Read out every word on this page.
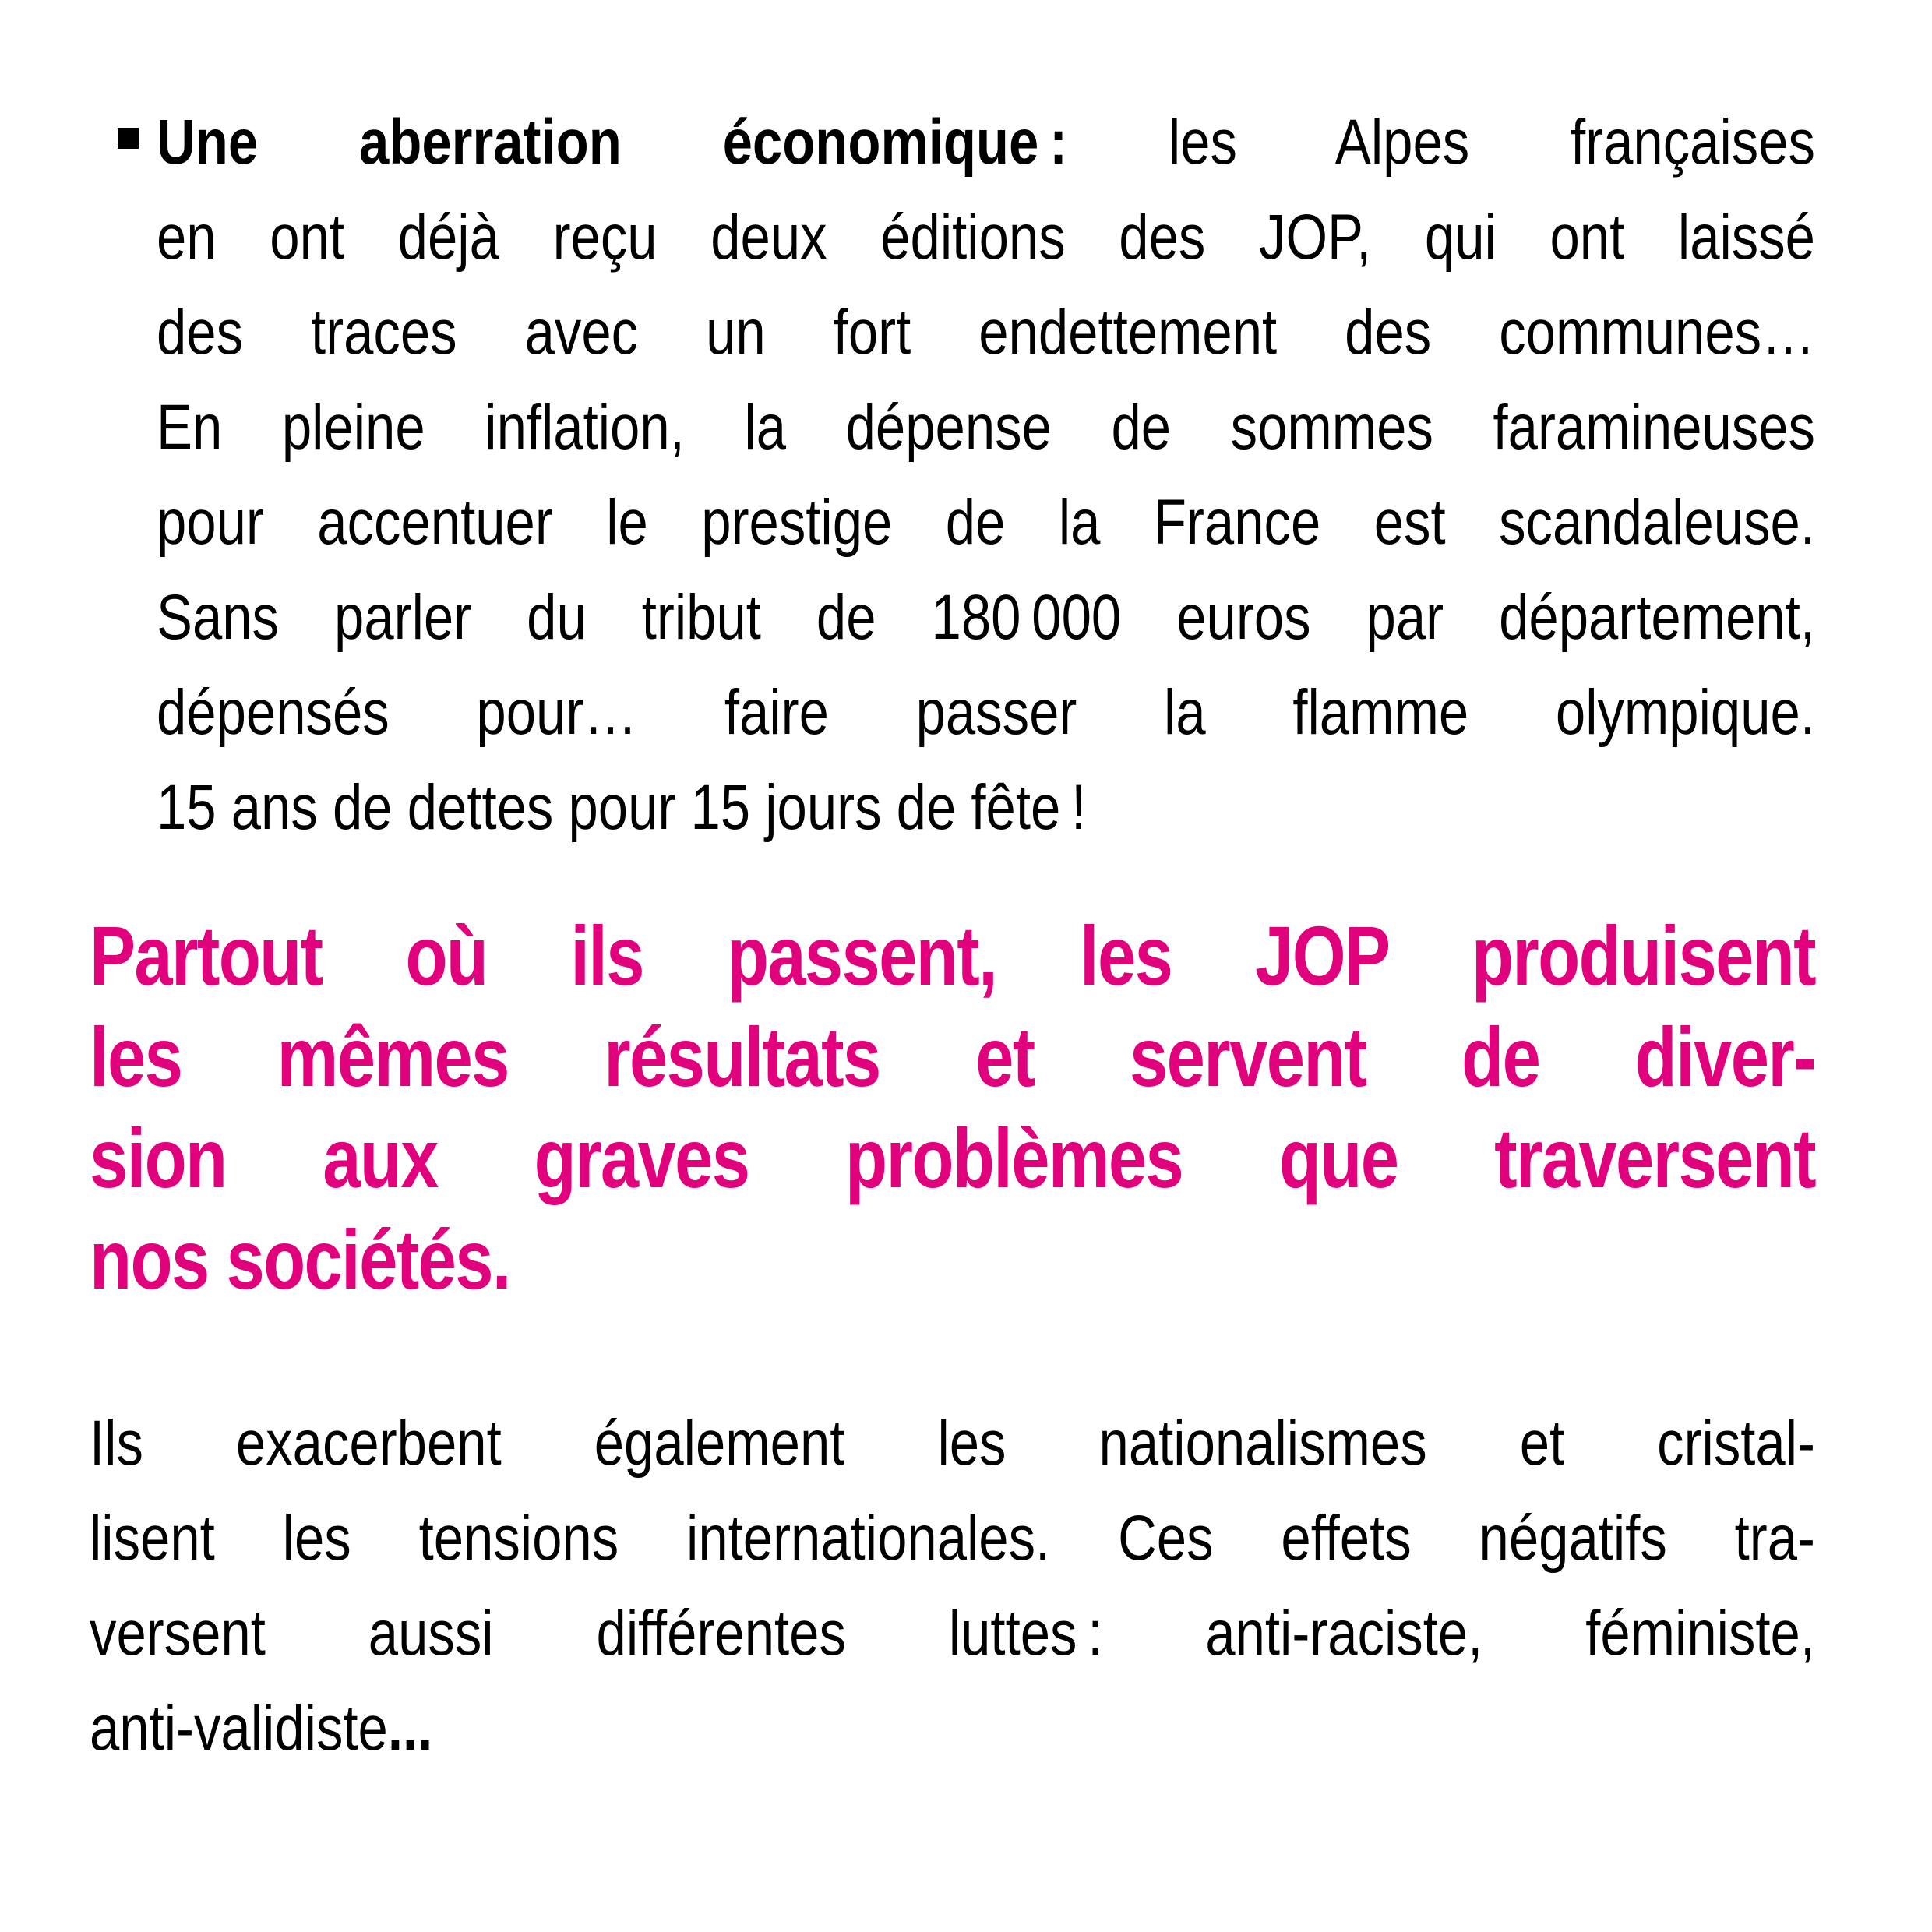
Une aberration économique : les Alpes françaises
en ont déjà reçu deux éditions des JOP, qui ont laissé
des traces avec un fort endettement des communes…
En pleine inflation, la dépense de sommes faramineuses
pour accentuer le prestige de la France est scandaleuse.
Sans parler du tribut de 180 000 euros par département,
dépensés pour… faire passer la flamme olympique.
15 ans de dettes pour 15 jours de fête !
Partout où ils passent, les JOP produisent
les mêmes résultats et servent de diver-
sion aux graves problèmes que traversent
nos sociétés.
Ils exacerbent également les nationalismes et cristal-
lisent les tensions internationales. Ces effets négatifs tra-
versent aussi différentes luttes : anti-raciste, féministe,
anti-validiste...
